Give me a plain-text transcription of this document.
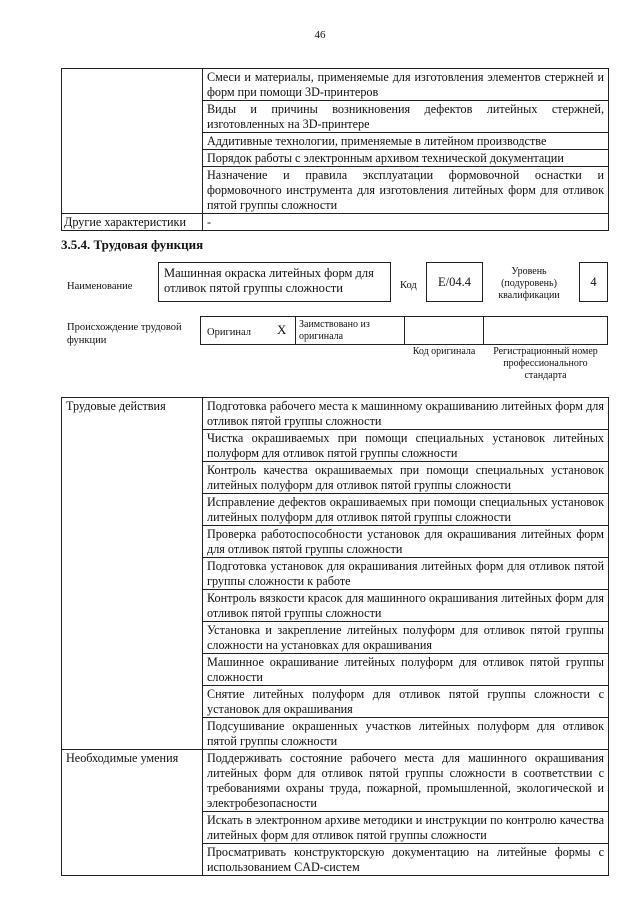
46
	Смеси и материалы, применяемые для изготовления элементов стержней и форм при помощи 3D-принтеров
	Виды и причины возникновения дефектов литейных стержней, изготовленных на 3D-принтере
	Аддитивные технологии, применяемые в литейном производстве
	Порядок работы с электронным архивом технической документации
	Назначение и правила эксплуатации формовочной оснастки и формовочного инструмента для изготовления литейных форм для отливок пятой группы сложности
Другие характеристики	-
3.5.4. Трудовая функция
Наименование
Машинная окраска литейных форм для отливок пятой группы сложности	Код	E/04.4
Уровень (подуровень) квалификации
4
Происхождение трудовой функции
Оригинал X	Заимствовано из оригинала
Код оригинала	Регистрационный номер профессионального стандарта
Трудовые действия	Подготовка рабочего места к машинному окрашиванию литейных форм для отливок пятой группы сложности
	Чистка окрашиваемых при помощи специальных установок литейных полуформ для отливок пятой группы сложности
	Контроль качества окрашиваемых при помощи специальных установок литейных полуформ для отливок пятой группы сложности
	Исправление дефектов окрашиваемых при помощи специальных установок литейных полуформ для отливок пятой группы сложности
	Проверка работоспособности установок для окрашивания литейных форм для отливок пятой группы сложности
	Подготовка установок для окрашивания литейных форм для отливок пятой группы сложности к работе
	Контроль вязкости красок для машинного окрашивания литейных форм для отливок пятой группы сложности
	Установка и закрепление литейных полуформ для отливок пятой группы сложности на установках для окрашивания
	Машинное окрашивание литейных полуформ для отливок пятой группы сложности
	Снятие литейных полуформ для отливок пятой группы сложности с установок для окрашивания
	Подсушивание окрашенных участков литейных полуформ для отливок пятой группы сложности
Необходимые умения	Поддерживать состояние рабочего места для машинного окрашивания литейных форм для отливок пятой группы сложности в соответствии с требованиями охраны труда, пожарной, промышленной, экологической и электробезопасности
	Искать в электронном архиве методики и инструкции по контролю качества литейных форм для отливок пятой группы сложности
	Просматривать конструкторскую документацию на литейные формы с использованием CAD-систем
